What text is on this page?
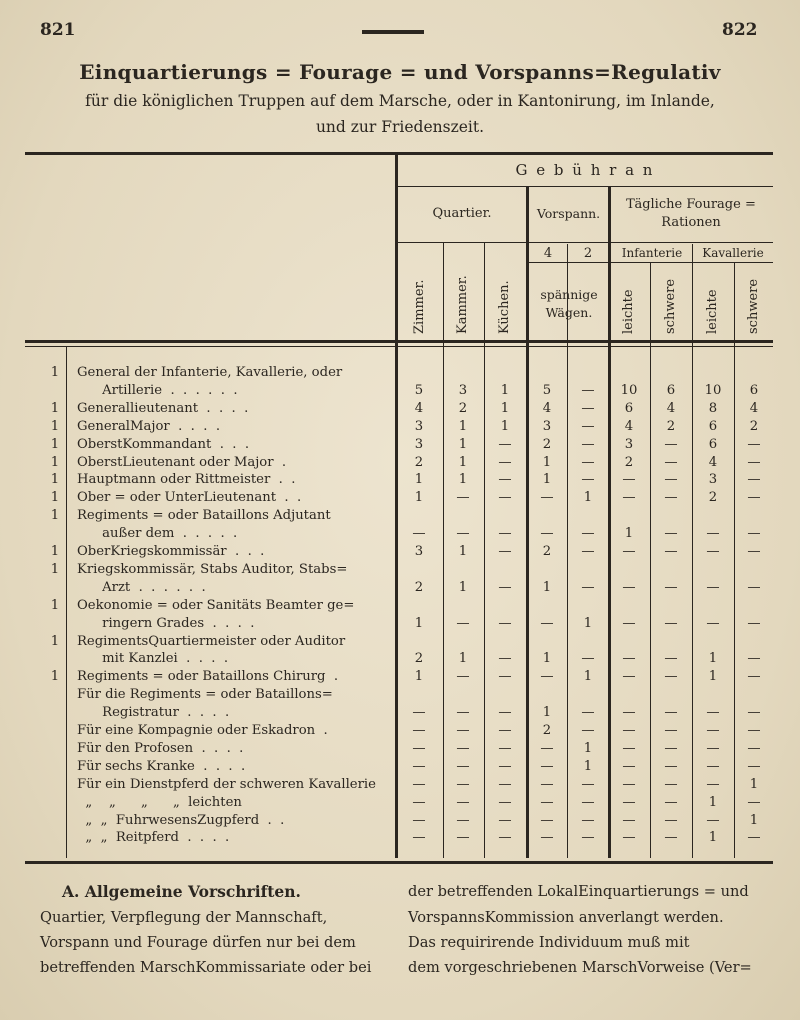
821	822
Einquartierungs = Fourage = und Vorspanns=Regulativ
für die königlichen Truppen auf dem Marsche, oder in Kantonirung, im Inlande,
und zur Friedenszeit.
G e b ü h r a n
Quartier.	Vorspann.
Tägliche Fourage = Rationen
4	2	Infanterie	Kavallerie
spännige Wägen.
Zimmer. Kammer. Küchen.	leichte schwere leichte schwere
1 General der Infanterie, Kavallerie, oder
Artillerie  .  .  .  .  .  .	5	3	1	5	—	10	6	10	6
1 Generallieutenant  .  .  .  .	4	2	1	4	—	6	4	8	4
1 GeneralMajor  .  .  .  .	3	1	1	3	—	4	2	6	2
1 OberstKommandant  .  .  .	3	1	—	2	—	3	—	6	—
1 OberstLieutenant oder Major  .	2	1	—	1	—	2	—	4	—
1 Hauptmann oder Rittmeister  .  .	1	1	—	1	—	—	—	3	—
1 Ober = oder UnterLieutenant  .  .	1	—	—	—	1	—	—	2	—
1 Regiments = oder Bataillons Adjutant
außer dem  .  .  .  .  .	—	—	—	—	—	1	—	—	—
1 OberKriegskommissär  .  .  .	3	1	—	2	—	—	—	—	—
1 Kriegskommissär, Stabs Auditor, Stabs=
Arzt  .  .  .  .  .  .	2	1	—	1	—	—	—	—	—
1 Oekonomie = oder Sanitäts Beamter ge=
ringern Grades  .  .  .  .	1	—	—	—	1	—	—	—	—
1 RegimentsQuartiermeister oder Auditor
mit Kanzlei  .  .  .  .	2	1	—	1	—	—	—	1	—
1 Regiments = oder Bataillons Chirurg  .	1	—	—	—	1	—	—	1	—
Für die Regiments = oder Bataillons=
Registratur  .  .  .  .	—	—	—	1	—	—	—	—	—
Für eine Kompagnie oder Eskadron  .	—	—	—	2	—	—	—	—	—
Für den Profosen  .  .  .  .	—	—	—	—	1	—	—	—	—
Für sechs Kranke  .  .  .  .	—	—	—	—	1	—	—	—	—
Für ein Dienstpferd der schweren Kavallerie	—	—	—	—	—	—	—	—	1
„    „      „      „  leichten	—	—	—	—	—	—	—	1	—
„  „  FuhrwesensZugpferd  .  .	—	—	—	—	—	—	—	—	1
„  „  Reitpferd  .  .  .  .	—	—	—	—	—	—	—	1	—
A. Allgemeine Vorschriften.
Quartier, Verpflegung der Mannschaft,
Vorspann und Fourage dürfen nur bei dem
betreffenden MarschKommissariate oder bei
der betreffenden LokalEinquartierungs = und
VorspannsKommission anverlangt werden.
Das requirirende Individuum muß mit
dem vorgeschriebenen MarschVorweise (Ver=
